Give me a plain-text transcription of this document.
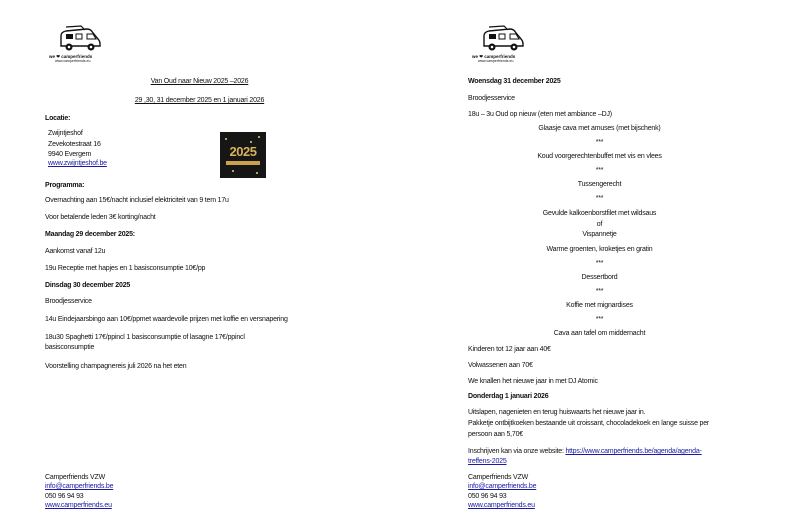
we ❤ camperfriends
www.camperfriends.eu
Van Oud naar Nieuw 2025 –2026
29 ,30, 31 december 2025 en 1 januari 2026
Locatie:
Zwijntjeshof
Zevekotestraat 16
9940 Evergem
www.zwijntjeshof.be
2025
Programma:
Overnachting aan 15€/nacht inclusief elektriciteit van 9 tem 17u
Voor betalende leden 3€ korting/nacht
Maandag 29 december 2025:
Aankomst vanaf 12u
19u Receptie met hapjes en 1 basisconsumptie 10€/pp
Dinsdag 30 december 2025
Broodjesservice
14u Eindejaarsbingo aan 10€/ppmet waardevolle prijzen met koffie en versnapering
18u30 Spaghetti 17€/ppincl 1 basisconsumptie of lasagne 17€/ppincl
basisconsumptie
Voorstelling champagnereis juli 2026 na het eten
Camperfriends VZW
info@camperfriends.be
050 96 94 93
www.camperfriends.eu
we ❤ camperfriends
www.camperfriends.eu
Woensdag 31 december 2025
Broodjesservice
18u – 3u Oud op nieuw (eten met ambiance –DJ)
Glaasje cava met amuses (met bijschenk)
***
Koud voorgerechtenbuffet met vis en vlees
***
Tussengerecht
***
Gevulde kalkoenborstfilet met wildsaus
of
Vispannetje
Warme groenten, kroketjes en gratin
***
Dessertbord
***
Koffie met mignardises
***
Cava aan tafel om middernacht
Kinderen tot 12 jaar aan 40€
Volwassenen aan 70€
We knallen het nieuwe jaar in met DJ Atomic
Donderdag 1 januari 2026
Uitslapen, nagenieten en terug huiswaarts het nieuwe jaar in.
Pakketje ontbijtkoeken bestaande uit croissant, chocoladekoek en lange suisse per
persoon aan 5,70€
Inschrijven kan via onze website: https://www.camperfriends.be/agenda/agenda-
treffens-2025
Camperfriends VZW
info@camperfriends.be
050 96 94 93
www.camperfriends.eu
